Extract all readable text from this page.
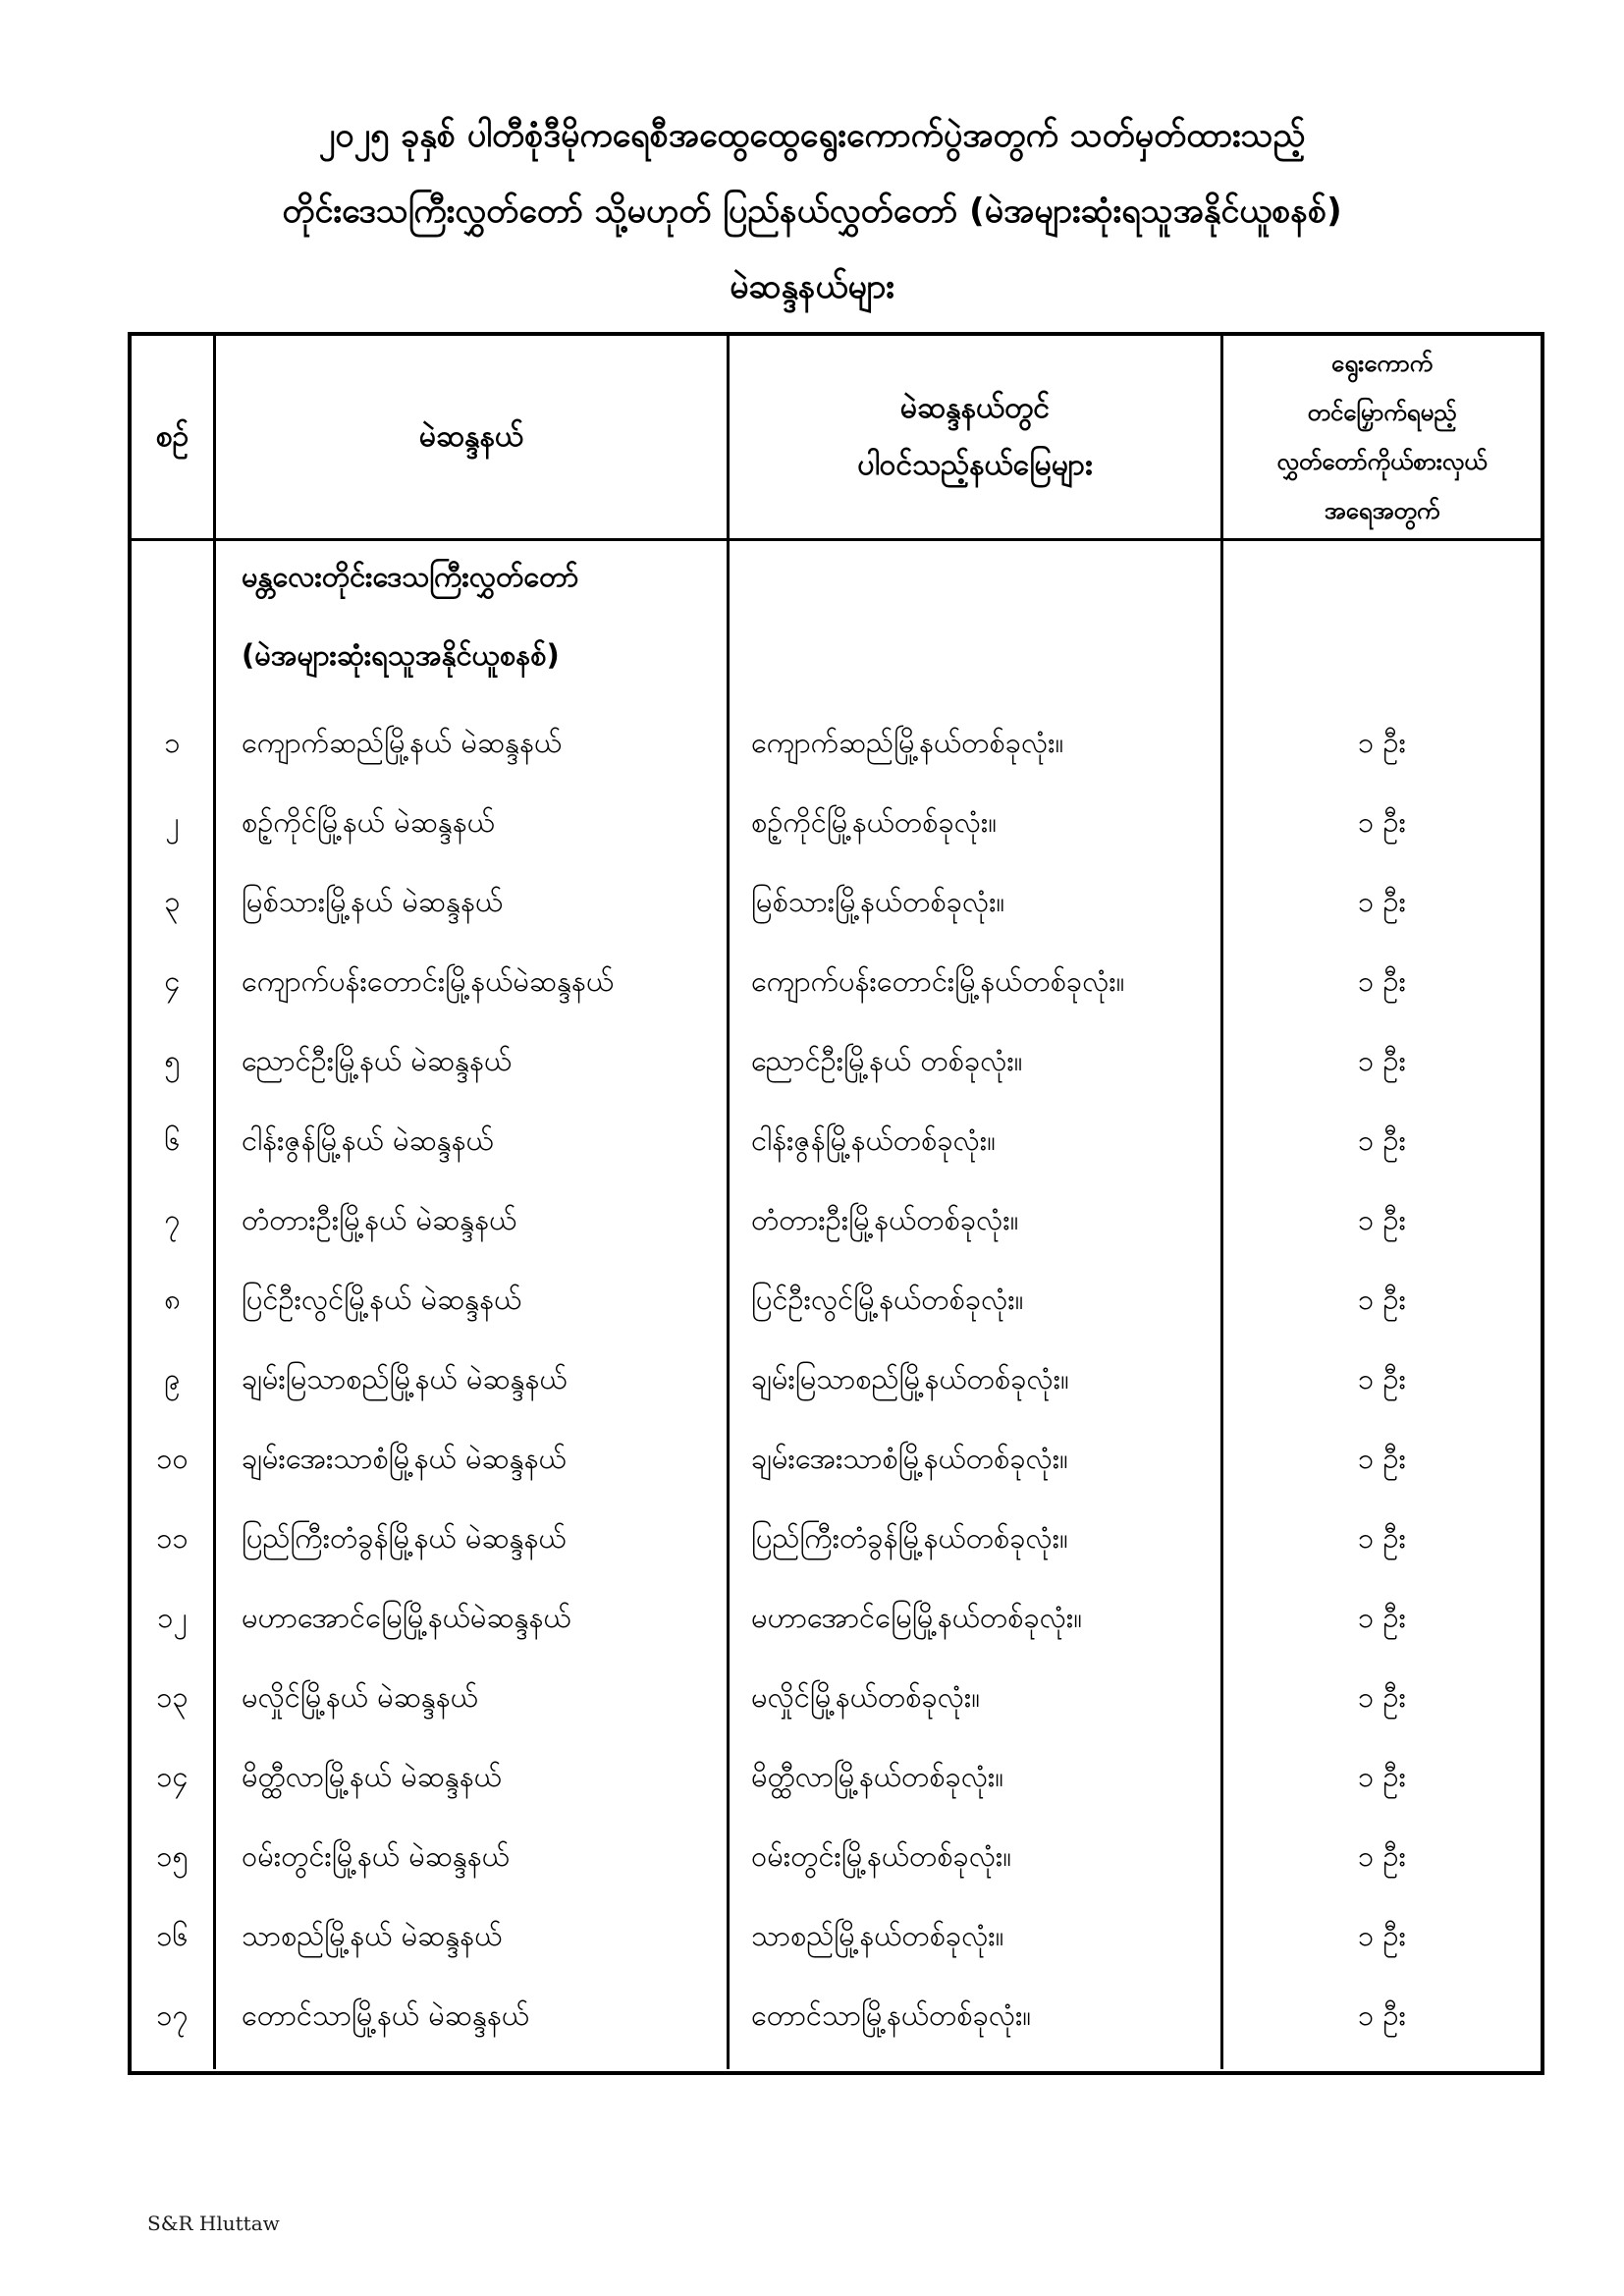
၂၀၂၅ ခုနှစ် ပါတီစုံဒီမိုကရေစီအထွေထွေရွေးကောက်ပွဲအတွက် သတ်မှတ်ထားသည့်
တိုင်းဒေသကြီးလွှတ်တော် သို့မဟုတ် ပြည်နယ်လွှတ်တော် (မဲအများဆုံးရသူအနိုင်ယူစနစ်)
မဲဆန္ဒနယ်များ
စဉ်	မဲဆန္ဒနယ်
မဲဆန္ဒနယ်တွင်
ပါဝင်သည့်နယ်မြေများ
ရွေးကောက်
တင်မြှောက်ရမည့်
လွှတ်တော်ကိုယ်စားလှယ်
အရေအတွက်
၁
၂
၃
၄
၅
၆
၇
၈
၉
၁၀
၁၁
၁၂
၁၃
၁၄
၁၅
၁၆
၁၇
မန္တလေးတိုင်းဒေသကြီးလွှတ်တော်
(မဲအများဆုံးရသူအနိုင်ယူစနစ်)
ကျောက်ဆည်မြို့နယ် မဲဆန္ဒနယ်
စဉ့်ကိုင်မြို့နယ် မဲဆန္ဒနယ်
မြစ်သားမြို့နယ် မဲဆန္ဒနယ်
ကျောက်ပန်းတောင်းမြို့နယ်မဲဆန္ဒနယ်
ညောင်ဦးမြို့နယ် မဲဆန္ဒနယ်
ငါန်းဇွန်မြို့နယ် မဲဆန္ဒနယ်
တံတားဦးမြို့နယ် မဲဆန္ဒနယ်
ပြင်ဦးလွင်မြို့နယ် မဲဆန္ဒနယ်
ချမ်းမြသာစည်မြို့နယ် မဲဆန္ဒနယ်
ချမ်းအေးသာစံမြို့နယ် မဲဆန္ဒနယ်
ပြည်ကြီးတံခွန်မြို့နယ် မဲဆန္ဒနယ်
မဟာအောင်မြေမြို့နယ်မဲဆန္ဒနယ်
မလှိုင်မြို့နယ် မဲဆန္ဒနယ်
မိတ္ထီလာမြို့နယ် မဲဆန္ဒနယ်
ဝမ်းတွင်းမြို့နယ် မဲဆန္ဒနယ်
သာစည်မြို့နယ် မဲဆန္ဒနယ်
တောင်သာမြို့နယ် မဲဆန္ဒနယ်
ကျောက်ဆည်မြို့နယ်တစ်ခုလုံး။
စဉ့်ကိုင်မြို့နယ်တစ်ခုလုံး။
မြစ်သားမြို့နယ်တစ်ခုလုံး။
ကျောက်ပန်းတောင်းမြို့နယ်တစ်ခုလုံး။
ညောင်ဦးမြို့နယ် တစ်ခုလုံး။
ငါန်းဇွန်မြို့နယ်တစ်ခုလုံး။
တံတားဦးမြို့နယ်တစ်ခုလုံး။
ပြင်ဦးလွင်မြို့နယ်တစ်ခုလုံး။
ချမ်းမြသာစည်မြို့နယ်တစ်ခုလုံး။
ချမ်းအေးသာစံမြို့နယ်တစ်ခုလုံး။
ပြည်ကြီးတံခွန်မြို့နယ်တစ်ခုလုံး။
မဟာအောင်မြေမြို့နယ်တစ်ခုလုံး။
မလှိုင်မြို့နယ်တစ်ခုလုံး။
မိတ္ထီလာမြို့နယ်တစ်ခုလုံး။
ဝမ်းတွင်းမြို့နယ်တစ်ခုလုံး။
သာစည်မြို့နယ်တစ်ခုလုံး။
တောင်သာမြို့နယ်တစ်ခုလုံး။
၁ ဦး
၁ ဦး
၁ ဦး
၁ ဦး
၁ ဦး
၁ ဦး
၁ ဦး
၁ ဦး
၁ ဦး
၁ ဦး
၁ ဦး
၁ ဦး
၁ ဦး
၁ ဦး
၁ ဦး
၁ ဦး
၁ ဦး
S&R Hluttaw
